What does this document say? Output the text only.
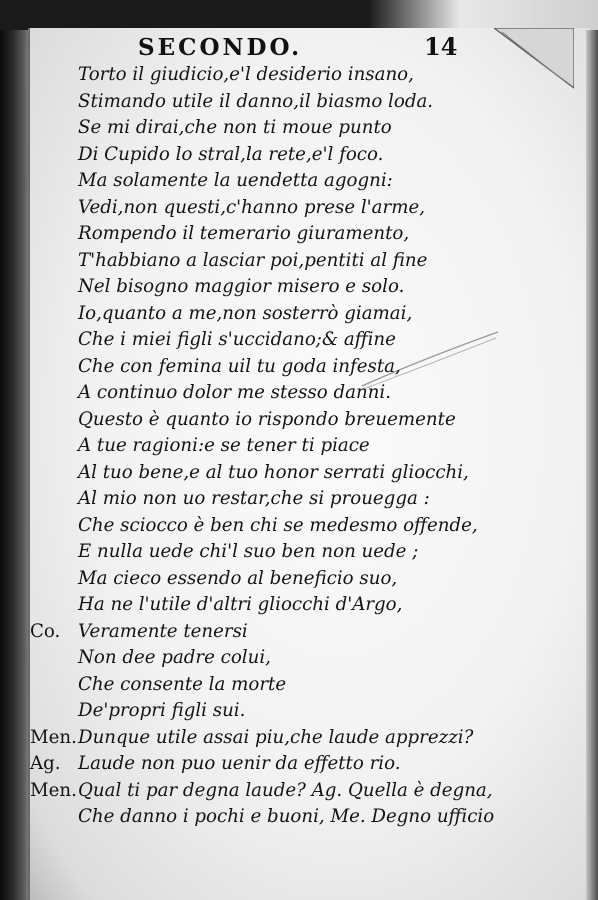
SECONDO.	14
Torto il giudicio,e'l desiderio insano,
Stimando utile il danno,il biasmo loda.
Se mi dirai,che non ti moue punto
Di Cupido lo stral,la rete,e'l foco.
Ma solamente la uendetta agogni:
Vedi,non questi,c'hanno prese l'arme,
Rompendo il temerario giuramento,
T'habbiano a lasciar poi,pentiti al fine
Nel bisogno maggior misero e solo.
Io,quanto a me,non sosterrò giamai,
Che i miei figli s'uccidano;& affine
Che con femina uil tu goda infesta,
A continuo dolor me stesso danni.
Questo è quanto io rispondo breuemente
A tue ragioni:e se tener ti piace
Al tuo bene,e al tuo honor serrati gliocchi,
Al mio non uo restar,che si prouegga :
Che sciocco è ben chi se medesmo offende,
E nulla uede chi'l suo ben non uede ;
Ma cieco essendo al beneficio suo,
Ha ne l'utile d'altri gliocchi d'Argo,
Co. Veramente tenersi
Non dee padre colui,
Che consente la morte
De'propri figli sui.
Men. Dunque utile assai piu,che laude apprezzi?
Ag. Laude non puo uenir da effetto rio.
Men. Qual ti par degna laude? Ag. Quella è degna,
Che danno i pochi e buoni, Me. Degno ufficio
